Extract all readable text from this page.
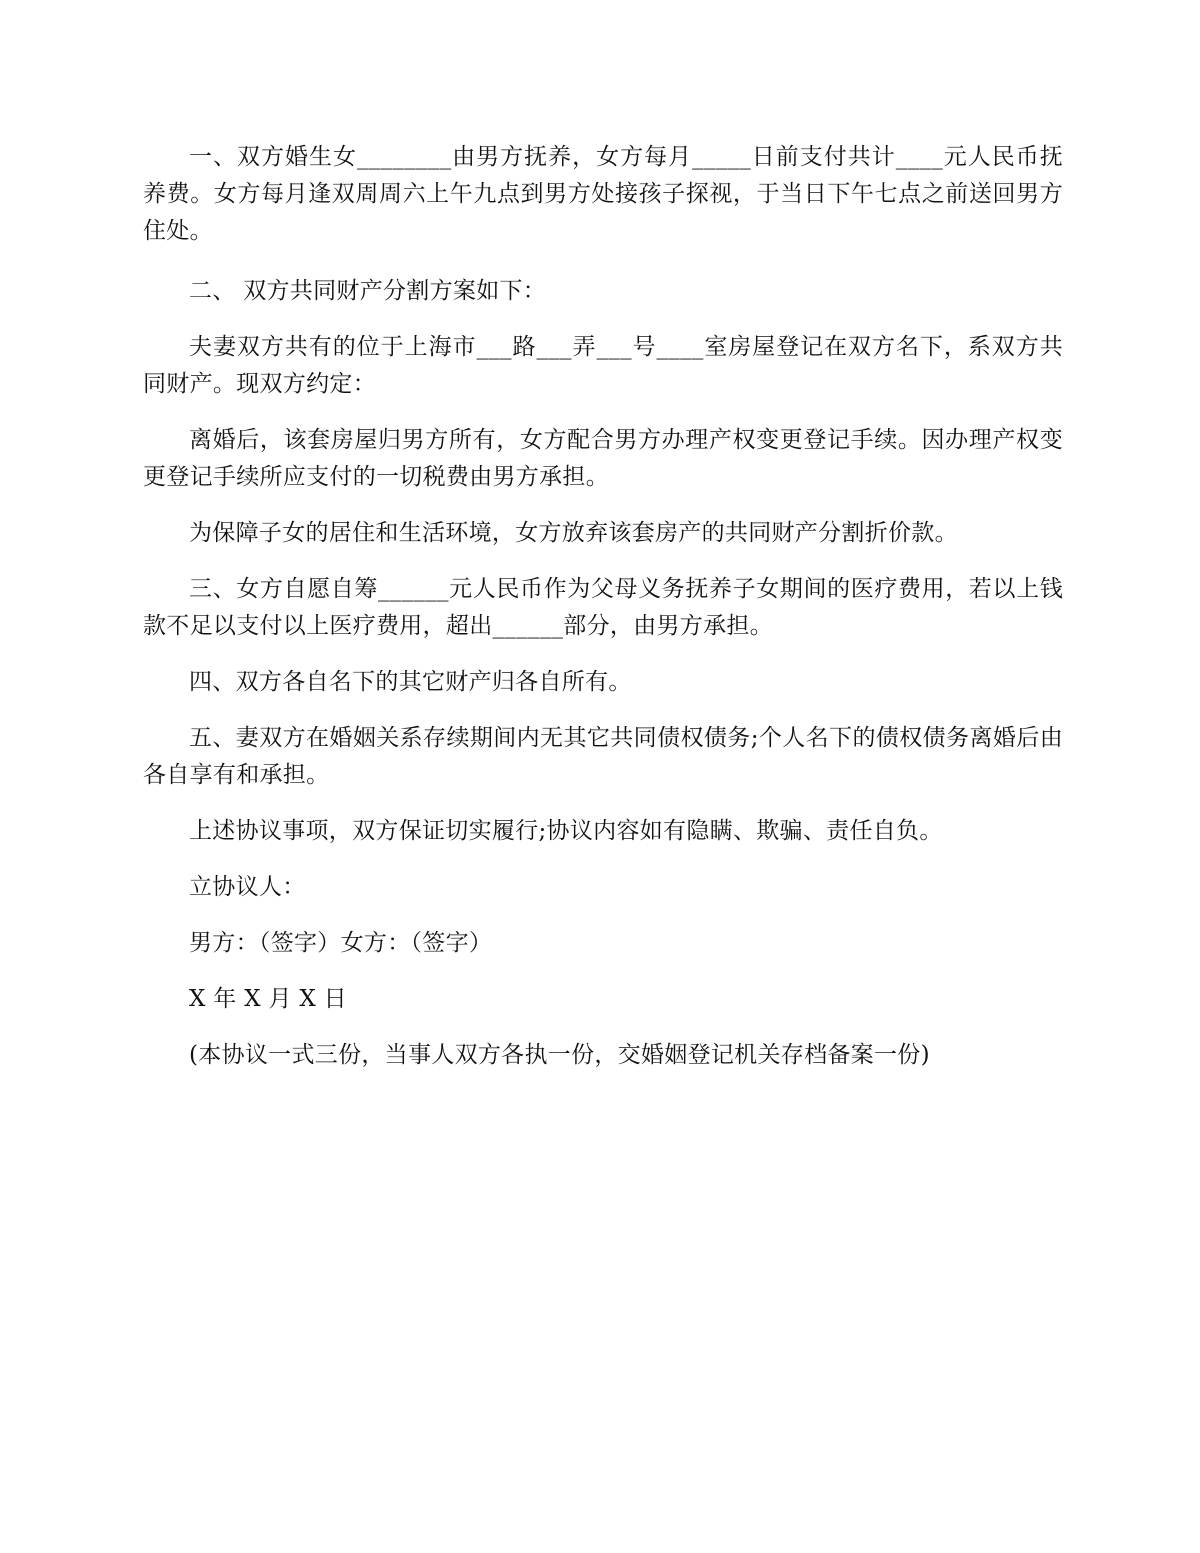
一、双方婚生女________由男方抚养，女方每月_____日前支付共计____元人民币抚养费。女方每月逢双周周六上午九点到男方处接孩子探视，于当日下午七点之前送回男方住处。

二、 双方共同财产分割方案如下：

夫妻双方共有的位于上海市___路___弄___号____室房屋登记在双方名下，系双方共同财产。现双方约定：

离婚后，该套房屋归男方所有，女方配合男方办理产权变更登记手续。因办理产权变更登记手续所应支付的一切税费由男方承担。

为保障子女的居住和生活环境，女方放弃该套房产的共同财产分割折价款。

三、女方自愿自筹______元人民币作为父母义务抚养子女期间的医疗费用，若以上钱款不足以支付以上医疗费用，超出______部分，由男方承担。

四、双方各自名下的其它财产归各自所有。

五、妻双方在婚姻关系存续期间内无其它共同债权债务;个人名下的债权债务离婚后由各自享有和承担。

上述协议事项，双方保证切实履行;协议内容如有隐瞒、欺骗、责任自负。

立协议人：

男方：（签字）女方：（签字）

X 年 X 月 X 日

(本协议一式三份，当事人双方各执一份，交婚姻登记机关存档备案一份)
